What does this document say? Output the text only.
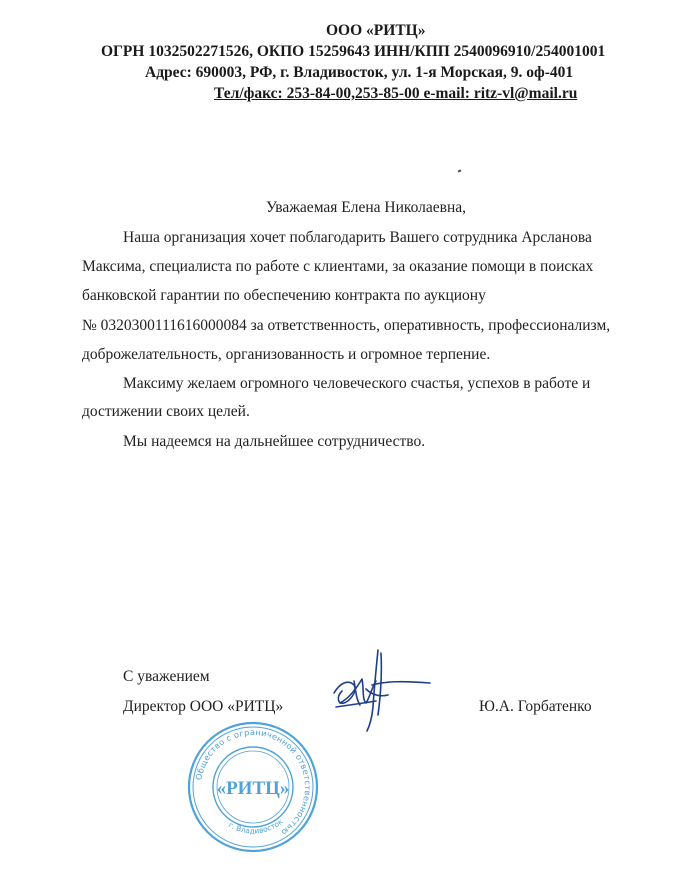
ООО «РИТЦ»
ОГРН 1032502271526, ОКПО 15259643 ИНН/КПП 2540096910/254001001
Адрес: 690003, РФ, г. Владивосток, ул. 1-я Морская, 9. оф-401
Тел/факс: 253-84-00,253-85-00 e-mail: ritz-vl@mail.ru
Уважаемая Елена Николаевна,
Наша организация хочет поблагодарить Вашего сотрудника Арсланова
Максима, специалиста по работе с клиентами, за оказание помощи в поисках
банковской гарантии по обеспечению контракта по аукциону
№ 0320300111616000084 за ответственность, оперативность, профессионализм,
доброжелательность, организованность и огромное терпение.
Максиму желаем огромного человеческого счастья, успехов в работе и
достижении своих целей.
Мы надеемся на дальнейшее сотрудничество.
С уважением
Директор ООО «РИТЦ»	Ю.А. Горбатенко
Общество с ограниченной ответственностью
г. Владивосток
«РИТЦ»
